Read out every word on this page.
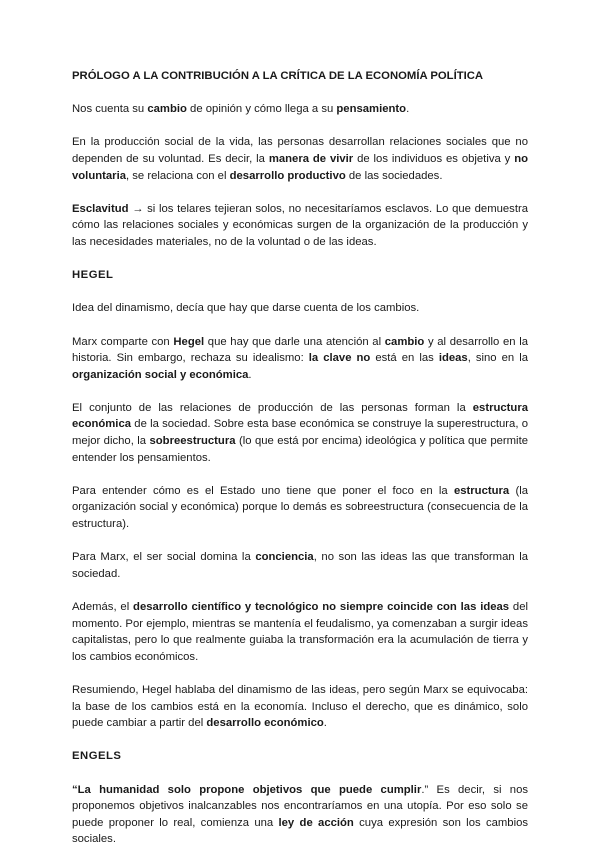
PRÓLOGO A LA CONTRIBUCIÓN A LA CRÍTICA DE LA ECONOMÍA POLÍTICA

Nos cuenta su cambio de opinión y cómo llega a su pensamiento.

En la producción social de la vida, las personas desarrollan relaciones sociales que no dependen de su voluntad. Es decir, la manera de vivir de los individuos es objetiva y no voluntaria, se relaciona con el desarrollo productivo de las sociedades.

Esclavitud → si los telares tejieran solos, no necesitaríamos esclavos. Lo que demuestra cómo las relaciones sociales y económicas surgen de la organización de la producción y las necesidades materiales, no de la voluntad o de las ideas.

HEGEL

Idea del dinamismo, decía que hay que darse cuenta de los cambios.

Marx comparte con Hegel que hay que darle una atención al cambio y al desarrollo en la historia. Sin embargo, rechaza su idealismo: la clave no está en las ideas, sino en la organización social y económica.

El conjunto de las relaciones de producción de las personas forman la estructura económica de la sociedad. Sobre esta base económica se construye la superestructura, o mejor dicho, la sobreestructura (lo que está por encima) ideológica y política que permite entender los pensamientos.

Para entender cómo es el Estado uno tiene que poner el foco en la estructura (la organización social y económica) porque lo demás es sobreestructura (consecuencia de la estructura).

Para Marx, el ser social domina la conciencia, no son las ideas las que transforman la sociedad.

Además, el desarrollo científico y tecnológico no siempre coincide con las ideas del momento. Por ejemplo, mientras se mantenía el feudalismo, ya comenzaban a surgir ideas capitalistas, pero lo que realmente guiaba la transformación era la acumulación de tierra y los cambios económicos.

Resumiendo, Hegel hablaba del dinamismo de las ideas, pero según Marx se equivocaba: la base de los cambios está en la economía. Incluso el derecho, que es dinámico, solo puede cambiar a partir del desarrollo económico.

ENGELS

“La humanidad solo propone objetivos que puede cumplir.” Es decir, si nos proponemos objetivos inalcanzables nos encontraríamos en una utopía. Por eso solo se puede proponer lo real, comienza una ley de acción cuya expresión son los cambios sociales.
